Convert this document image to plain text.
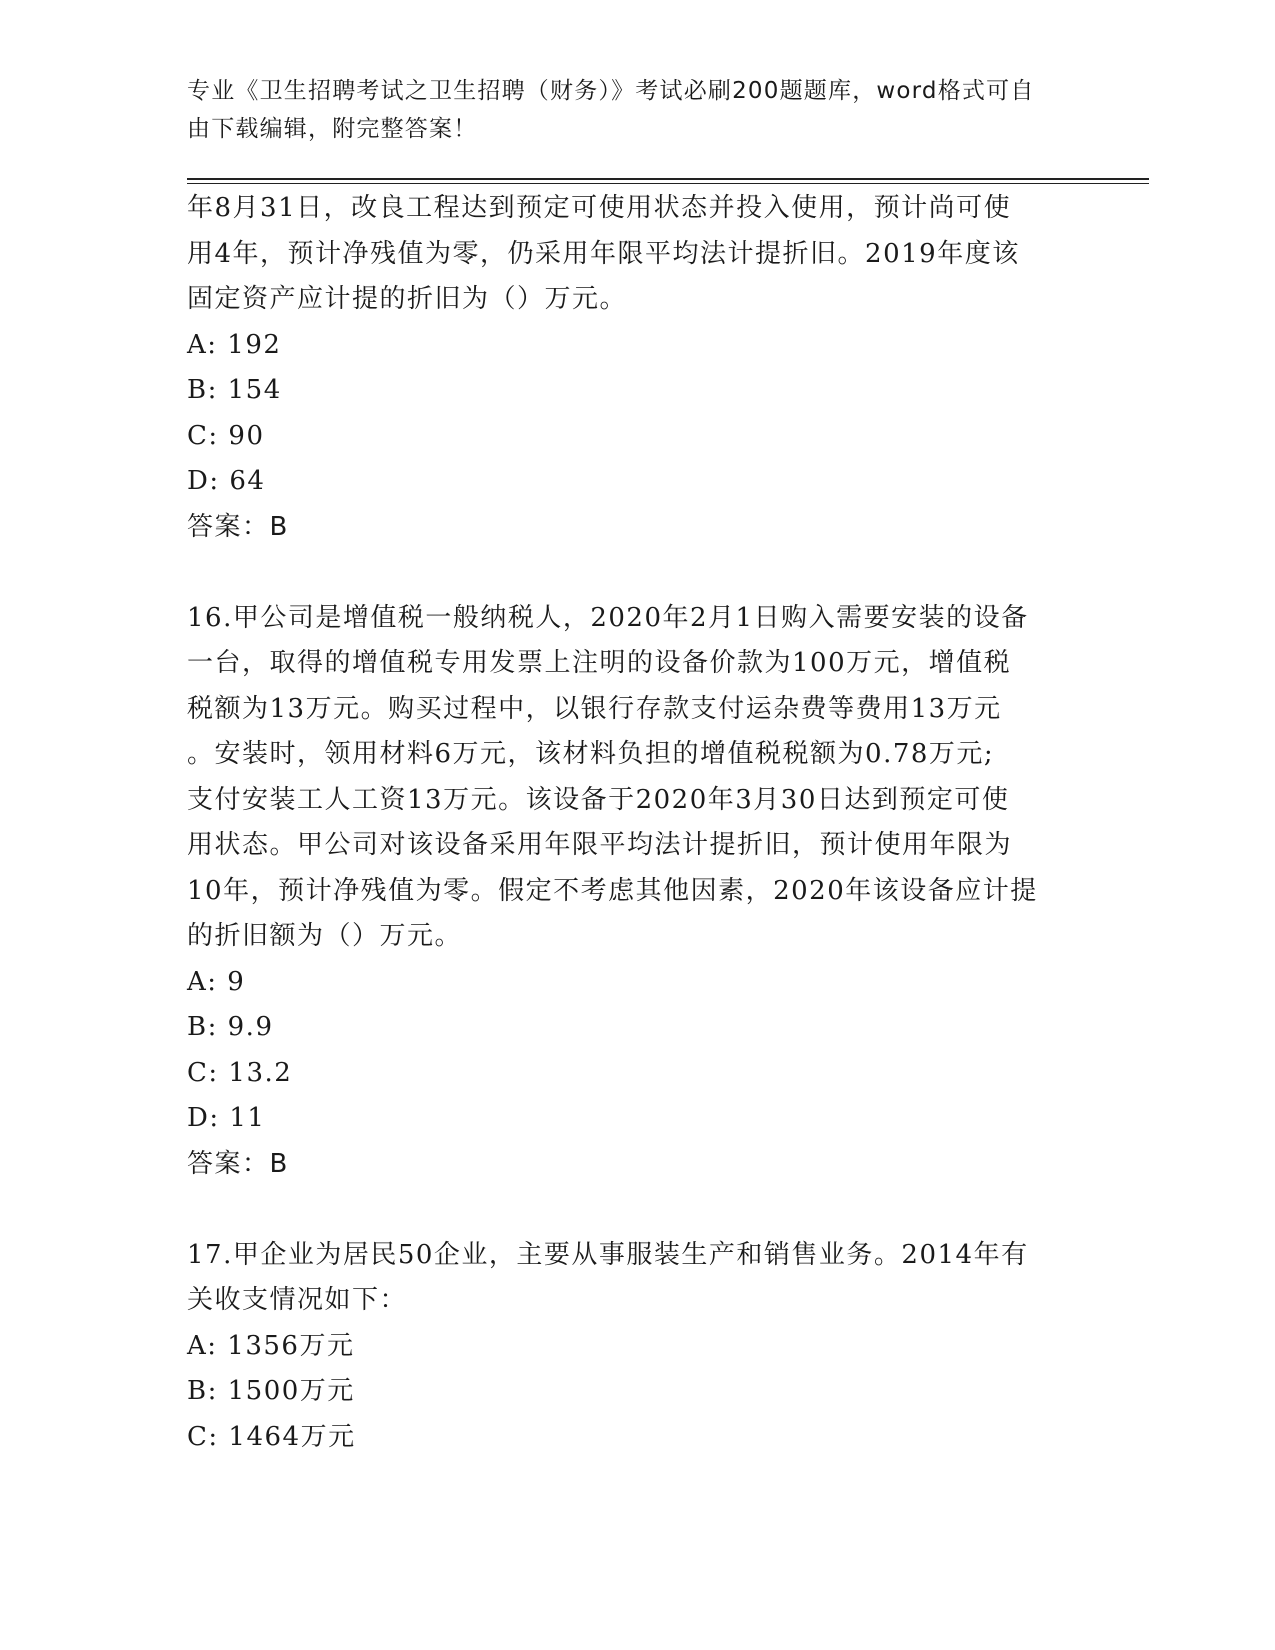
专业《卫生招聘考试之卫生招聘（财务）》考试必刷200题题库，word格式可自
由下载编辑，附完整答案！
年8月31日，改良工程达到预定可使用状态并投入使用，预计尚可使
用4年，预计净残值为零，仍采用年限平均法计提折旧。2019年度该
固定资产应计提的折旧为（）万元。
A: 192
B: 154
C: 90
D: 64
答案：B
16.甲公司是增值税一般纳税人，2020年2月1日购入需要安装的设备
一台，取得的增值税专用发票上注明的设备价款为100万元，增值税
税额为13万元。购买过程中，以银行存款支付运杂费等费用13万元
。安装时，领用材料6万元，该材料负担的增值税税额为0.78万元;
支付安装工人工资13万元。该设备于2020年3月30日达到预定可使
用状态。甲公司对该设备采用年限平均法计提折旧，预计使用年限为
10年，预计净残值为零。假定不考虑其他因素，2020年该设备应计提
的折旧额为（）万元。
A: 9
B: 9.9
C: 13.2
D: 11
答案：B
17.甲企业为居民50企业，主要从事服装生产和销售业务。2014年有
关收支情况如下：
A: 1356万元
B: 1500万元
C: 1464万元
